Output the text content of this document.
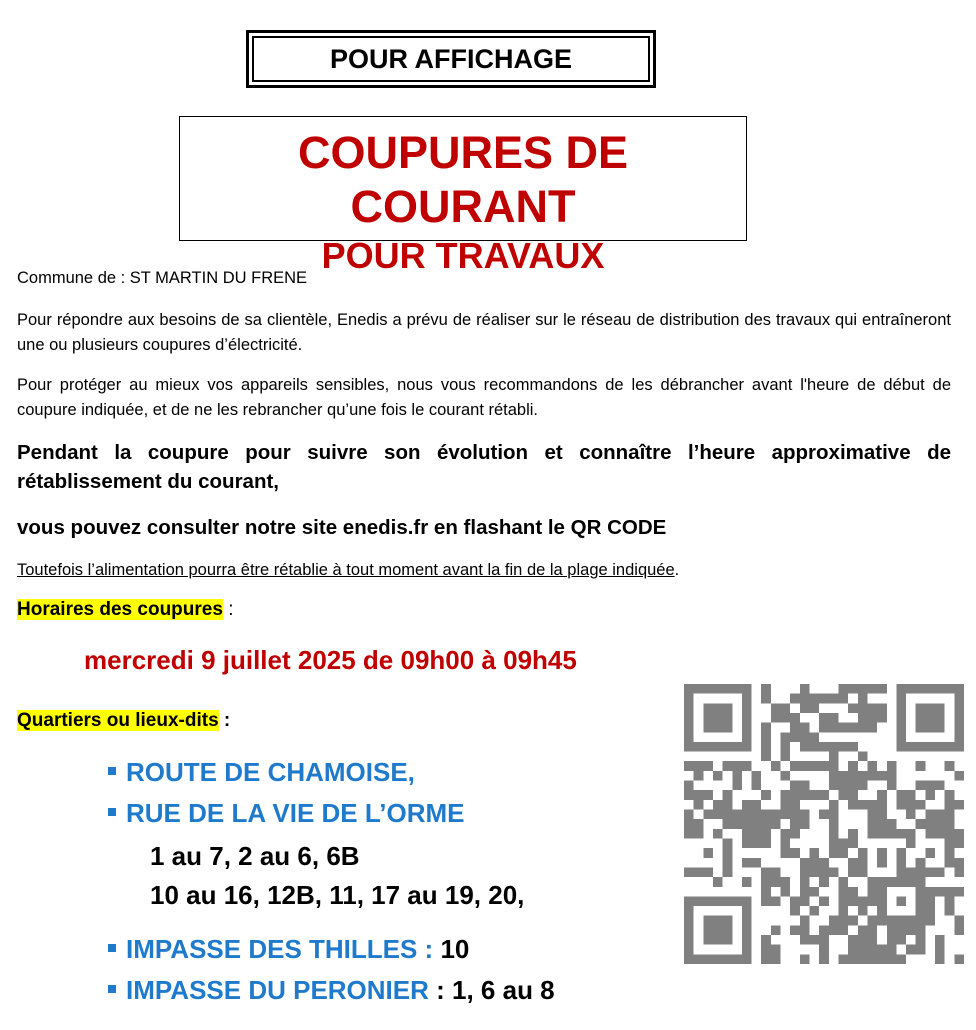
POUR AFFICHAGE
COUPURES DE COURANT
POUR TRAVAUX
Commune de : ST MARTIN DU FRENE
Pour répondre aux besoins de sa clientèle, Enedis a prévu de réaliser sur le réseau de distribution des travaux qui entraîneront une ou plusieurs coupures d’électricité.
Pour protéger au mieux vos appareils sensibles, nous vous recommandons de les débrancher avant l'heure de début de coupure indiquée, et de ne les rebrancher qu’une fois le courant rétabli.
Pendant la coupure pour suivre son évolution et connaître l’heure approximative de rétablissement du courant,
vous pouvez consulter notre site enedis.fr en flashant le QR CODE
Toutefois l’alimentation pourra être rétablie à tout moment avant la fin de la plage indiquée.
Horaires des coupures :
mercredi 9 juillet 2025 de 09h00 à 09h45
Quartiers ou lieux-dits :
ROUTE DE CHAMOISE,
RUE DE LA VIE DE L’ORME
1 au 7, 2 au 6, 6B
10 au 16, 12B, 11, 17 au 19, 20,
IMPASSE DES THILLES : 10
IMPASSE DU PERONIER : 1, 6 au 8
